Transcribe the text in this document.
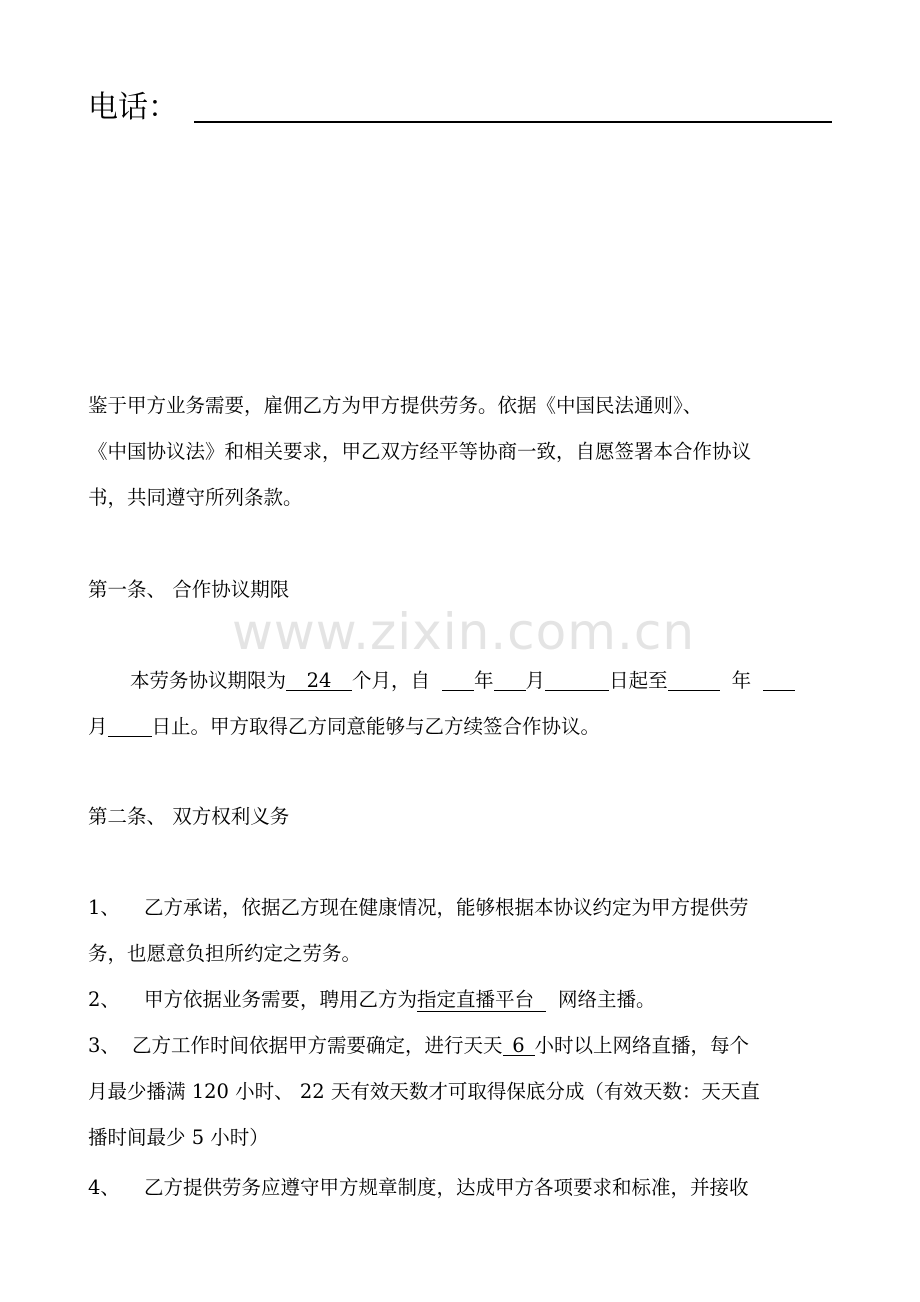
电话：
鉴于甲方业务需要，雇佣乙方为甲方提供劳务。依据《中国民法通则》、
《中国协议法》和相关要求，甲乙双方经平等协商一致，自愿签署本合作协议
书，共同遵守所列条款。
第一条、 合作协议期限
www.zixin.com.cn
本劳务协议期限为 24 个月，自 年 月	日起至	年
月 日止。甲方取得乙方同意能够与乙方续签合作协议。
第二条、 双方权利义务
1、 乙方承诺，依据乙方现在健康情况，能够根据本协议约定为甲方提供劳
务，也愿意负担所约定之劳务。
2、 甲方依据业务需要，聘用乙方为指定直播平台 网络主播。
3、 乙方工作时间依据甲方需要确定，进行天天 6 小时以上网络直播，每个
月最少播满 120 小时、 22 天有效天数才可取得保底分成（有效天数：天天直
播时间最少 5 小时）
4、 乙方提供劳务应遵守甲方规章制度，达成甲方各项要求和标准，并接收
